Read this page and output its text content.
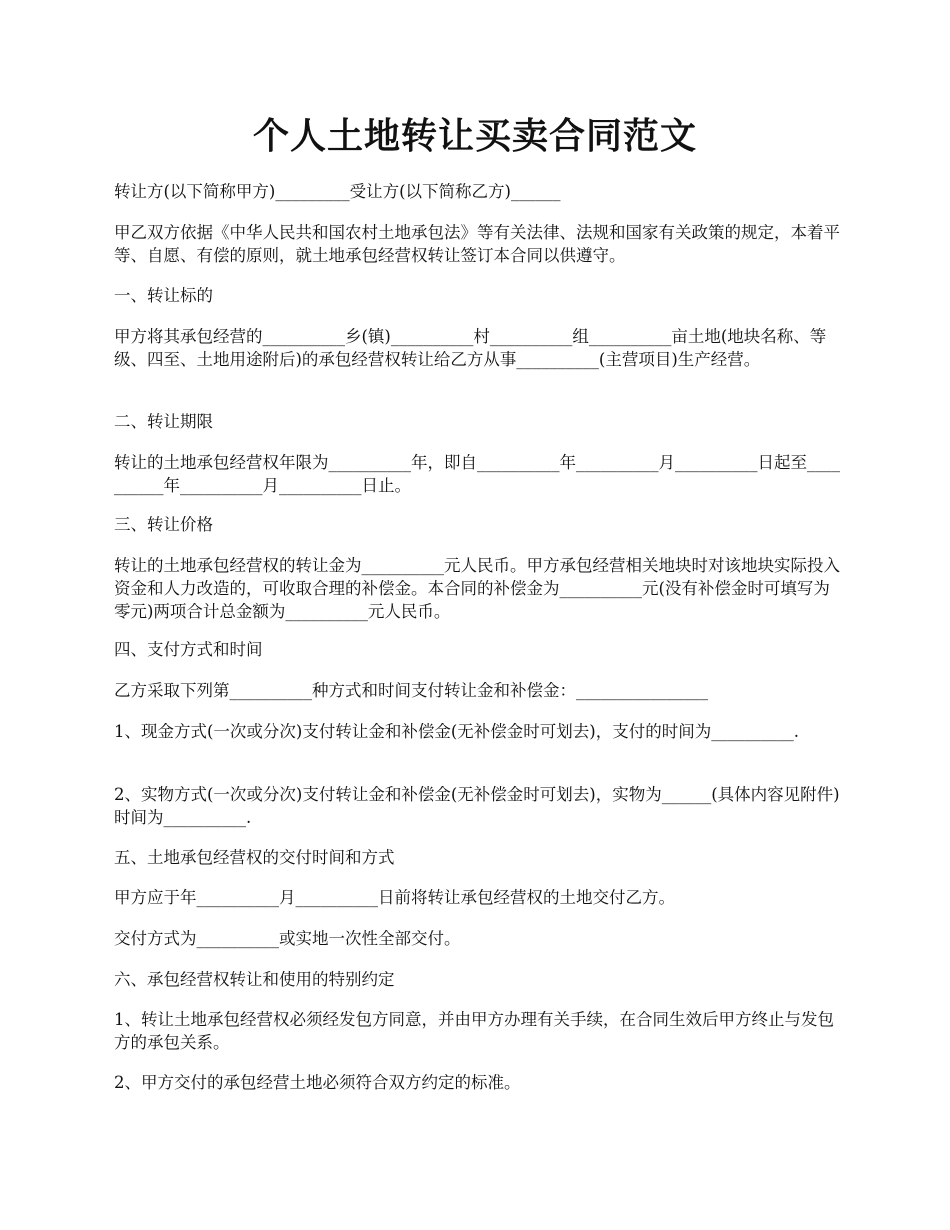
个人土地转让买卖合同范文
转让方(以下简称甲方)_________受让方(以下简称乙方)______
甲乙双方依据《中华人民共和国农村土地承包法》等有关法律、法规和国家有关政策的规定，本着平等、自愿、有偿的原则，就土地承包经营权转让签订本合同以供遵守。
一、转让标的
甲方将其承包经营的__________乡(镇)__________村__________组__________亩土地(地块名称、等级、四至、土地用途附后)的承包经营权转让给乙方从事__________(主营项目)生产经营。
二、转让期限
转让的土地承包经营权年限为__________年，即自__________年__________月__________日起至__________年__________月__________日止。
三、转让价格
转让的土地承包经营权的转让金为__________元人民币。甲方承包经营相关地块时对该地块实际投入资金和人力改造的，可收取合理的补偿金。本合同的补偿金为__________元(没有补偿金时可填写为零元)两项合计总金额为__________元人民币。
四、支付方式和时间
乙方采取下列第__________种方式和时间支付转让金和补偿金：________________
1、现金方式(一次或分次)支付转让金和补偿金(无补偿金时可划去)，支付的时间为__________.
2、实物方式(一次或分次)支付转让金和补偿金(无补偿金时可划去)，实物为______(具体内容见附件)时间为__________.
五、土地承包经营权的交付时间和方式
甲方应于年__________月__________日前将转让承包经营权的土地交付乙方。
交付方式为__________或实地一次性全部交付。
六、承包经营权转让和使用的特别约定
1、转让土地承包经营权必须经发包方同意，并由甲方办理有关手续，在合同生效后甲方终止与发包方的承包关系。
2、甲方交付的承包经营土地必须符合双方约定的标准。
